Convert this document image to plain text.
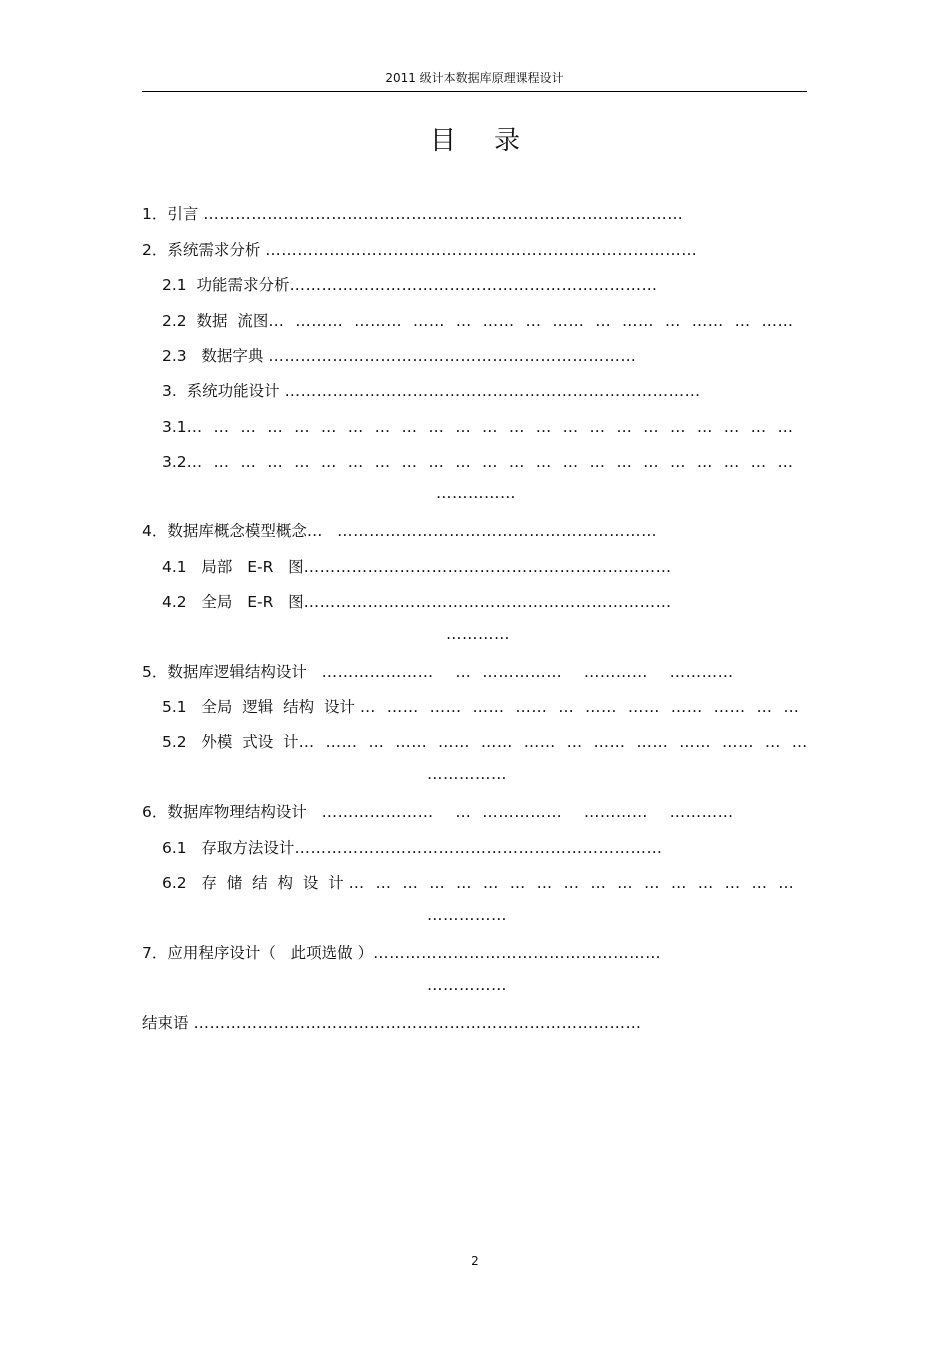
2011 级计本数据库原理课程设计
目 录
1．引言 ………………………………………………………………………………
2．系统需求分析 ………………………………………………………………………
2.1  功能需求分析……………………………………………………………
2.2  数据  流图…  ………  ………  ……  …  ……  …  ……  …  ……  …  ……  …  ……
2.3   数据字典 ……………………………………………………………
3.  系统功能设计 ……………………………………………………………………
3.1…  …  …  …  …  …  …  …  …  …  …  …  …  …  …  …  …  …  …  …  …  …  …
3.2…  …  …  …  …  …  …  …  …  …  …  …  …  …  …  …  …  …  …  …  …  …  …
……………
4．数据库概念模型概念…   ……………………………………………………
4.1   局部   E-R   图……………………………………………………………
4.2   全局   E-R   图……………………………………………………………
…………
5．数据库逻辑结构设计   …………………    …  ……………    …………    …………
5.1   全局  逻辑  结构  设计 …  ……  ……  ……  ……  …  ……  ……  ……  ……  …  …
5.2   外模  式设  计…  ……  …  ……  ……  ……  ……  …  ……  ……  ……  ……  …  …
……………
6．数据库物理结构设计   …………………    …  ……………    …………    …………
6.1   存取方法设计……………………………………………………………
6.2   存  储  结  构  设  计 …  …  …  …  …  …  …  …  …  …  …  …  …  …  …  …  …
……………
7．应用程序设计（   此项选做 ）………………………………………………
……………
结束语 …………………………………………………………………………
2
